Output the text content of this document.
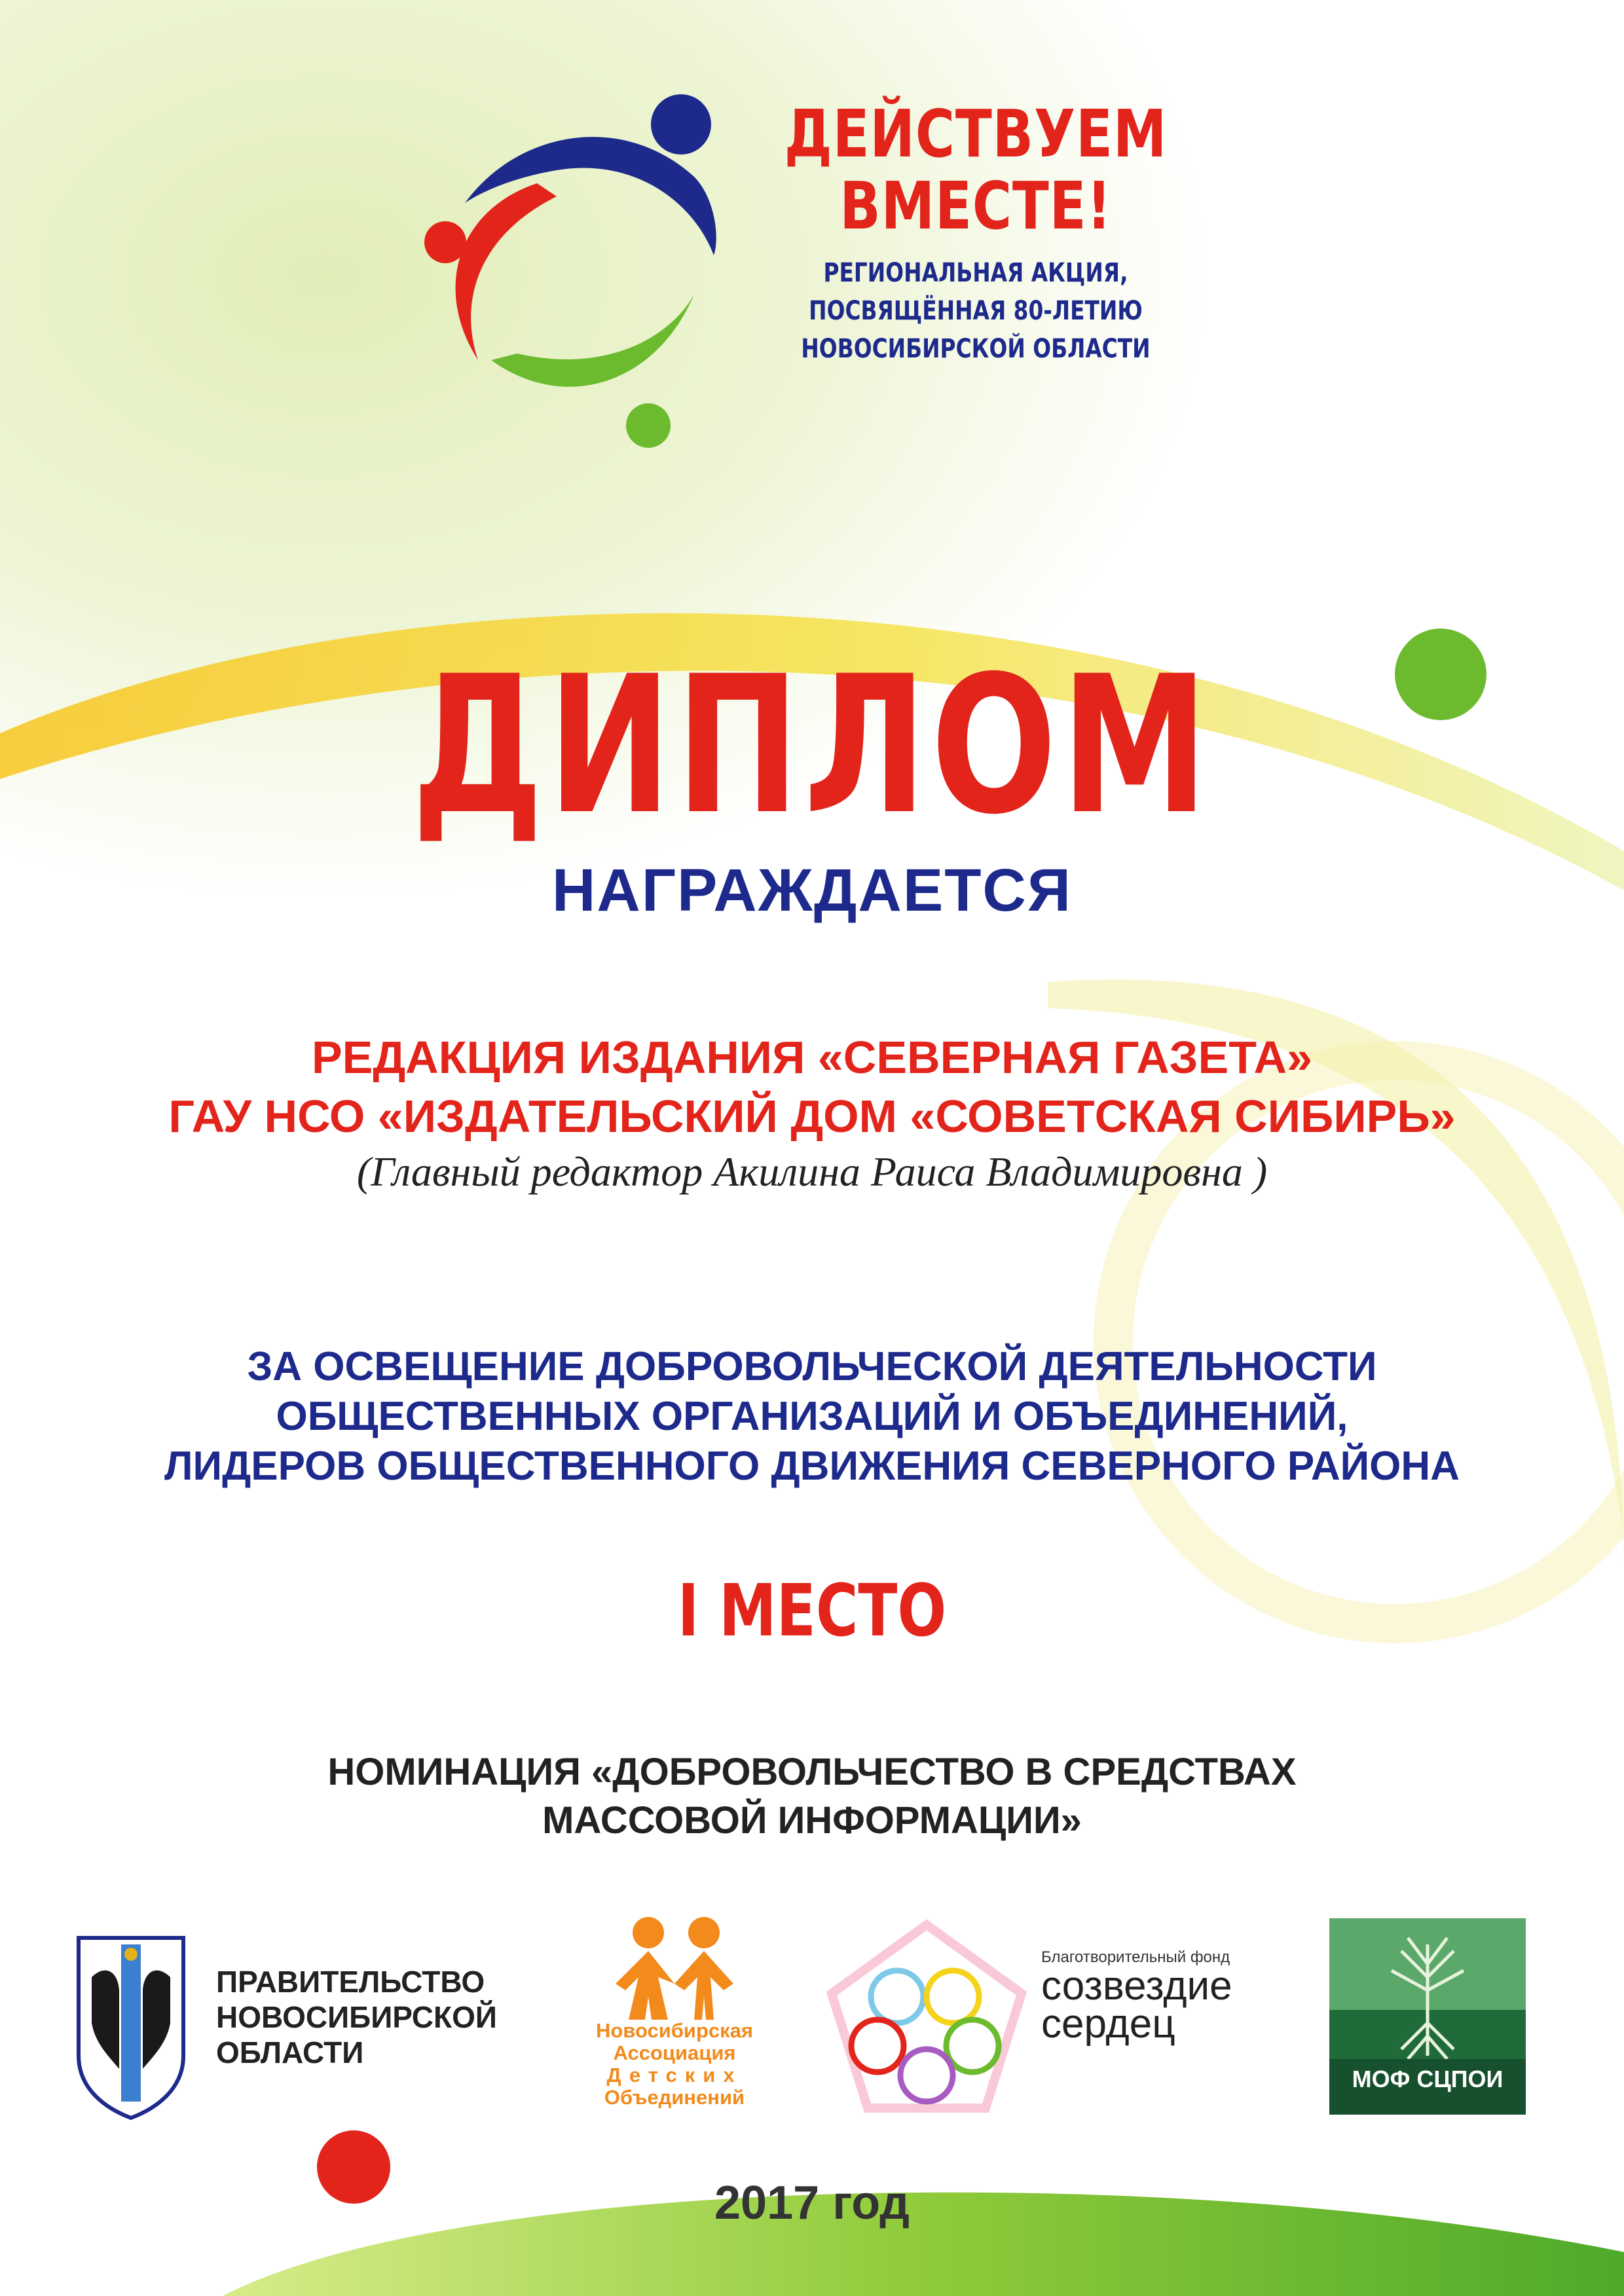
ДЕЙСТВУЕМ
ВМЕСТЕ!
РЕГИОНАЛЬНАЯ АКЦИЯ,
ПОСВЯЩЁННАЯ 80-ЛЕТИЮ
НОВОСИБИРСКОЙ ОБЛАСТИ
ДИПЛОМ
НАГРАЖДАЕТСЯ
РЕДАКЦИЯ ИЗДАНИЯ «СЕВЕРНАЯ ГАЗЕТА»
ГАУ НСО «ИЗДАТЕЛЬСКИЙ ДОМ «СОВЕТСКАЯ СИБИРЬ»
(Главный редактор Акилина Раиса Владимировна )
ЗА ОСВЕЩЕНИЕ ДОБРОВОЛЬЧЕСКОЙ ДЕЯТЕЛЬНОСТИ
ОБЩЕСТВЕННЫХ ОРГАНИЗАЦИЙ И ОБЪЕДИНЕНИЙ,
ЛИДЕРОВ ОБЩЕСТВЕННОГО ДВИЖЕНИЯ СЕВЕРНОГО РАЙОНА
I МЕСТО
НОМИНАЦИЯ «ДОБРОВОЛЬЧЕСТВО В СРЕДСТВАХ
МАССОВОЙ ИНФОРМАЦИИ»
ПРАВИТЕЛЬСТВО
НОВОСИБИРСКОЙ
ОБЛАСТИ
Новосибирская
Ассоциация
Детских
Объединений
Благотворительный фонд
созвездие
сердец
МОФ СЦПОИ
2017 год
